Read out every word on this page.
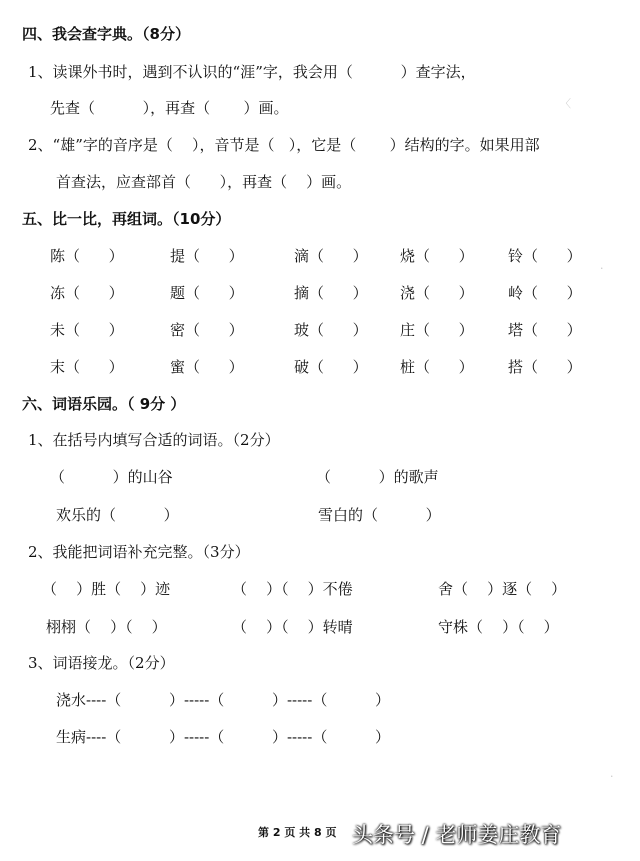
四、我会查字典。（8分）
1、读课外书时，遇到不认识的“涯”字，我会用（          ）查字法，
先查（          ），再查（       ）画。
2、“雄”字的音序是（    ），音节是（   ），它是（       ）结构的字。如果用部
首查法，应查部首（      ），再查（    ）画。
五、比一比，再组词。（10分）
陈（      ）	提（      ）	滴（      ） 烧（      ） 铃（      ）
冻（      ）	题（      ）	摘（      ） 浇（      ） 岭（      ）
未（      ）	密（      ）	玻（      ） 庄（      ） 塔（      ）
末（      ）	蜜（      ）	破（      ） 桩（      ） 搭（      ）
六、词语乐园。（ 9分 ）
1、在括号内填写合适的词语。（2分）
（          ）的山谷	（          ）的歌声
欢乐的（          ）	雪白的（          ）
2、我能把词语补充完整。（3分）
（    ）胜（    ）迹	（    ）（    ）不倦	舍（    ）逐（    ）
栩栩（    ）（    ）	（    ）（    ）转晴	守株（    ）（    ）
3、词语接龙。（2分）
浇水----（          ）-----（          ）-----（          ）
生病----（          ）-----（          ）-----（          ）
第 2 页 共 8 页 头条号 / 老师姜庄教育
〈
·
·
